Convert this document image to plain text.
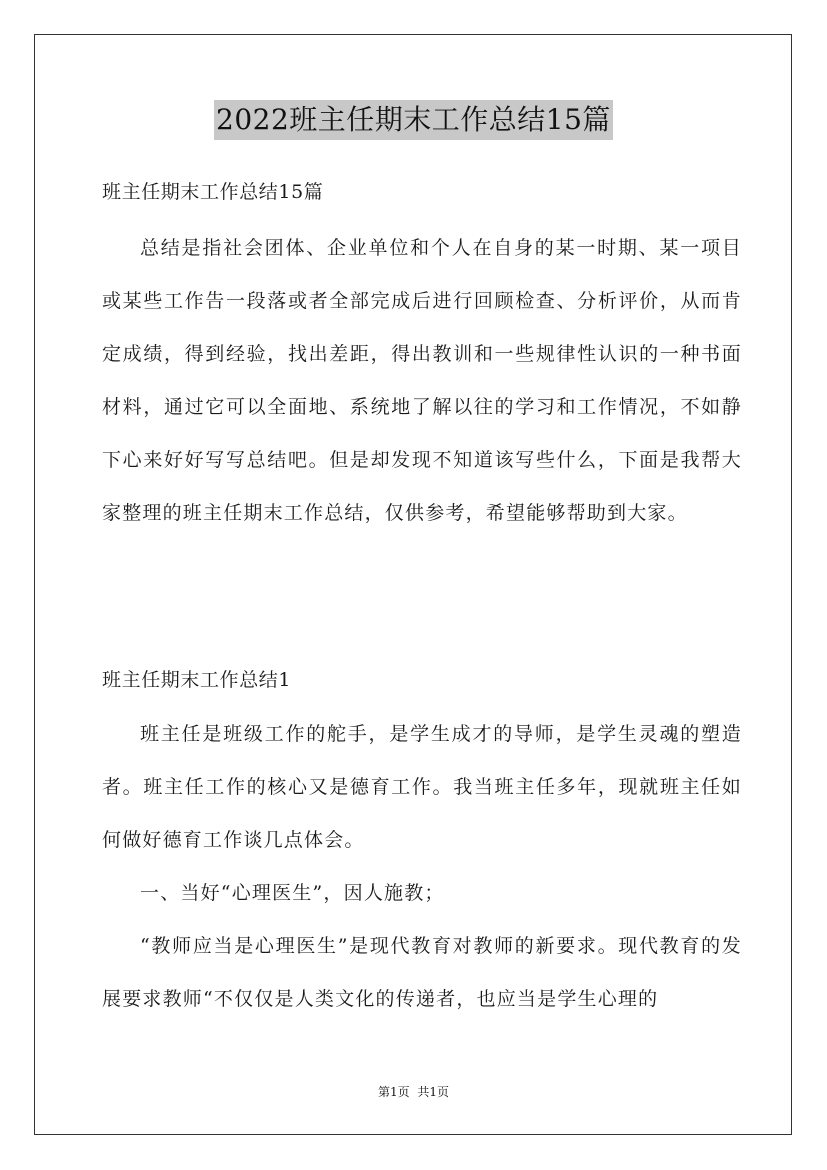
2022班主任期末工作总结15篇
班主任期末工作总结15篇

总结是指社会团体、企业单位和个人在自身的某一时期、某一项目或某些工作告一段落或者全部完成后进行回顾检查、分析评价，从而肯定成绩，得到经验，找出差距，得出教训和一些规律性认识的一种书面材料，通过它可以全面地、系统地了解以往的学习和工作情况，不如静下心来好好写写总结吧。但是却发现不知道该写些什么，下面是我帮大家整理的班主任期末工作总结，仅供参考，希望能够帮助到大家。

班主任期末工作总结1

班主任是班级工作的舵手，是学生成才的导师，是学生灵魂的塑造者。班主任工作的核心又是德育工作。我当班主任多年，现就班主任如何做好德育工作谈几点体会。

一、当好“心理医生”，因人施教；

“教师应当是心理医生”是现代教育对教师的新要求。现代教育的发展要求教师“不仅仅是人类文化的传递者，也应当是学生心理的

第1页 共1页
